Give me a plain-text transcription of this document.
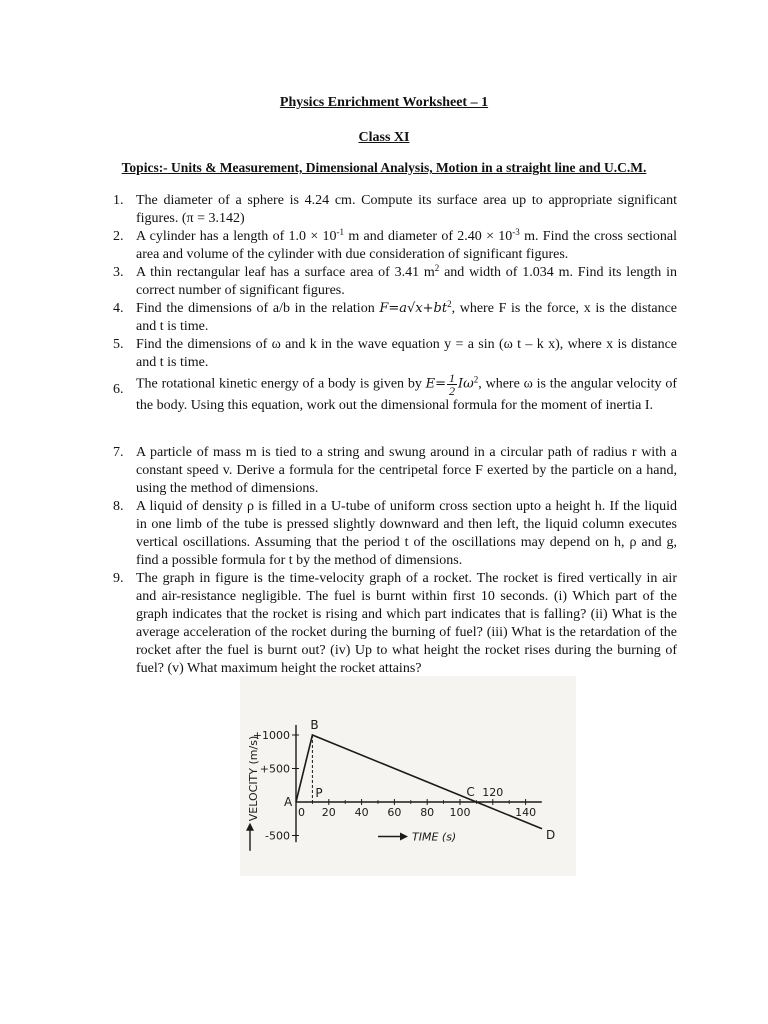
Physics Enrichment Worksheet – 1
Class XI
Topics:- Units & Measurement, Dimensional Analysis, Motion in a straight line and U.C.M.
1. The diameter of a sphere is 4.24 cm. Compute its surface area up to appropriate significant figures. (π = 3.142)
2. A cylinder has a length of $1.0 \times 10^{-1}$ m and diameter of $2.40 \times 10^{-3}$ m. Find the cross sectional area and volume of the cylinder with due consideration of significant figures.
3. A thin rectangular leaf has a surface area of 3.41 $m^2$ and width of 1.034 m. Find its length in correct number of significant figures.
4. Find the dimensions of a/b in the relation $F=a√x+bt^2$, where F is the force, x is the distance and t is time.
5. Find the dimensions of ω and k in the wave equation y = a sin (ω t – k x), where x is distance and t is time.
6. The rotational kinetic energy of a body is given by $E= \frac{1}{2} I\omega^2$, where ω is the angular velocity of the body. Using this equation, work out the dimensional formula for the moment of inertia I.
7. A particle of mass m is tied to a string and swung around in a circular path of radius r with a constant speed v. Derive a formula for the centripetal force F exerted by the particle on a hand, using the method of dimensions.
8. A liquid of density ρ is filled in a U-tube of uniform cross section upto a height h. If the liquid in one limb of the tube is pressed slightly downward and then left, the liquid column executes vertical oscillations. Assuming that the period t of the oscillations may depend on h, ρ and g, find a possible formula for t by the method of dimensions.
9. The graph in figure is the time-velocity graph of a rocket. The rocket is fired vertically in air and air-resistance negligible. The fuel is burnt within first 10 seconds. (i) Which part of the graph indicates that the rocket is rising and which part indicates that is falling? (ii) What is the average acceleration of the rocket during the burning of fuel? (iii) What is the retardation of the rocket after the fuel is burnt out? (iv) Up to what height the rocket rises during the burning of fuel? (v) What maximum height the rocket attains?
0 20 40 60 80 100
120
140
+1000
+500
-500
VELOCITY (m/s)
TIME (s)
A
B
P	C
D
